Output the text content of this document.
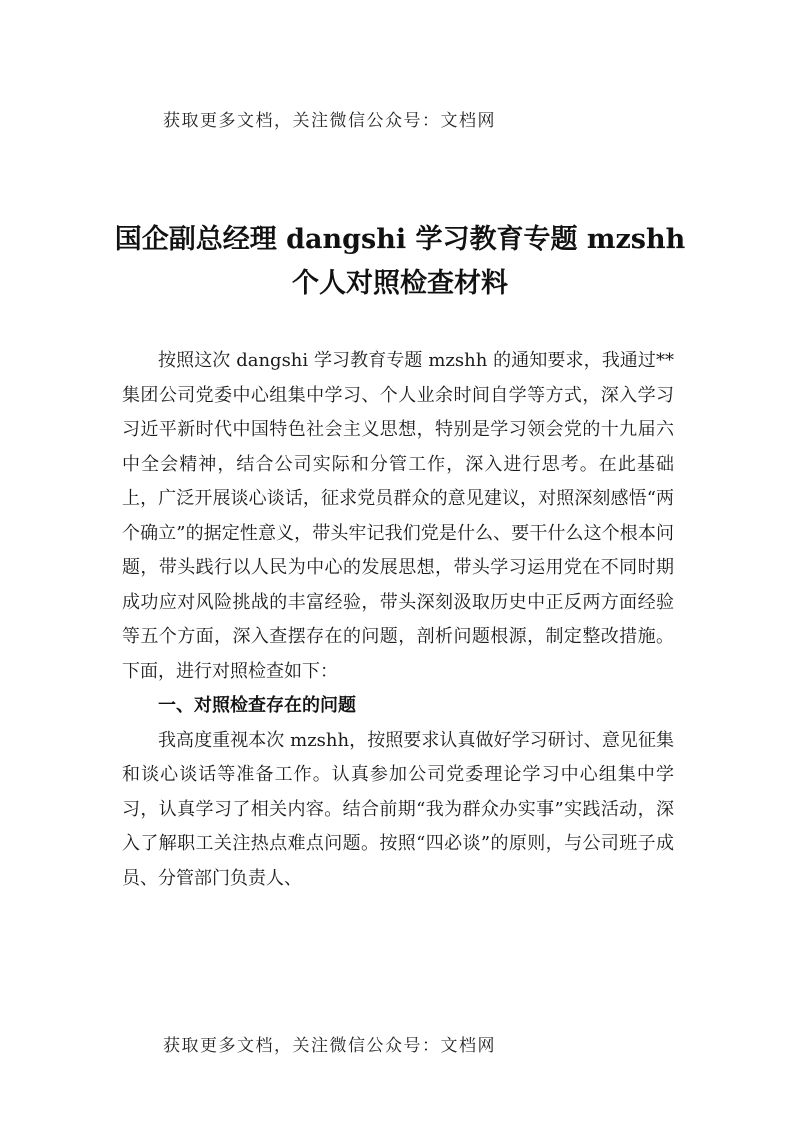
获取更多文档，关注微信公众号：文档网
国企副总经理 dangshi 学习教育专题 mzshh
个人对照检查材料

按照这次 dangshi 学习教育专题 mzshh 的通知要求，我通过**集团公司党委中心组集中学习、个人业余时间自学等方式，深入学习习近平新时代中国特色社会主义思想，特别是学习领会党的十九届六中全会精神，结合公司实际和分管工作，深入进行思考。在此基础上，广泛开展谈心谈话，征求党员群众的意见建议，对照深刻感悟“两个确立”的据定性意义，带头牢记我们党是什么、要干什么这个根本问题，带头践行以人民为中心的发展思想，带头学习运用党在不同时期成功应对风险挑战的丰富经验，带头深刻汲取历史中正反两方面经验等五个方面，深入查摆存在的问题，剖析问题根源，制定整改措施。下面，进行对照检查如下：

一、对照检查存在的问题

我高度重视本次 mzshh，按照要求认真做好学习研讨、意见征集和谈心谈话等准备工作。认真参加公司党委理论学习中心组集中学习，认真学习了相关内容。结合前期“我为群众办实事”实践活动，深入了解职工关注热点难点问题。按照“四必谈”的原则，与公司班子成员、分管部门负责人、

获取更多文档，关注微信公众号：文档网
